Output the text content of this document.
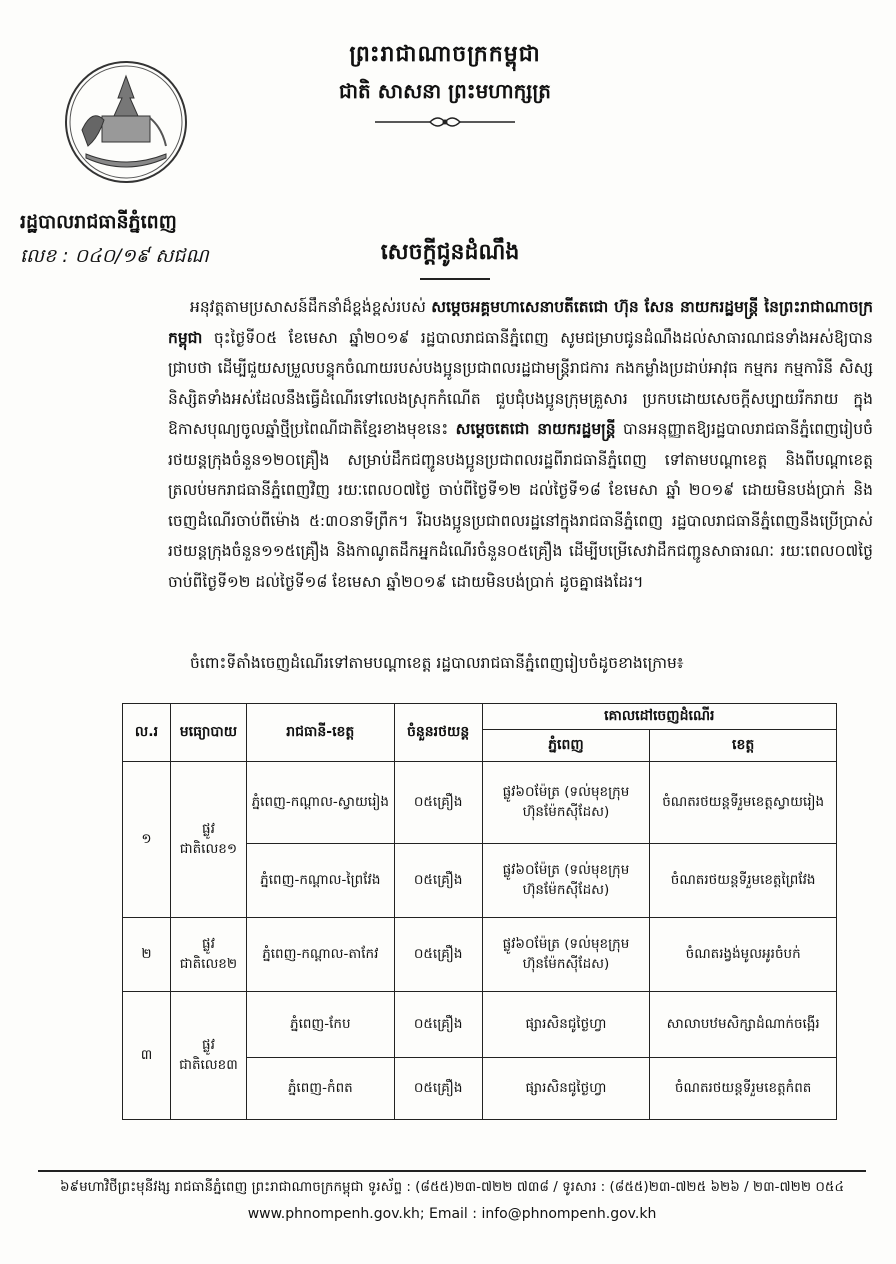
ព្រះរាជាណាចក្រកម្ពុជា
ជាតិ សាសនា ព្រះមហាក្សត្រ
រដ្ឋបាលរាជធានីភ្នំពេញ
លេខ : ០៤០/១៩ សជណ	សេចក្តីជូនដំណឹង

អនុវត្តតាមប្រសាសន៍ដឹកនាំដ៏ខ្ពង់ខ្ពស់របស់ សម្តេចអគ្គមហាសេនាបតីតេជោ ហ៊ុន សែន នាយករដ្ឋមន្ត្រី នៃព្រះរាជាណាចក្រកម្ពុជា ចុះថ្ងៃទី០៥ ខែមេសា ឆ្នាំ២០១៩ រដ្ឋបាលរាជធានីភ្នំពេញ សូមជម្រាបជូនដំណឹងដល់សាធារណជនទាំងអស់ឱ្យបានជ្រាបថា ដើម្បីជួយសម្រួលបន្ទុកចំណាយរបស់បងប្អូនប្រជាពលរដ្ឋជាមន្ត្រីរាជការ កងកម្លាំងប្រដាប់អាវុធ កម្មករ កម្មការិនី សិស្ស និស្សិតទាំងអស់ដែលនឹងធ្វើដំណើរទៅលេងស្រុកកំណើត ជួបជុំបងប្អូនក្រុមគ្រួសារ ប្រកបដោយសេចក្តីសប្បាយរីករាយ ក្នុងឱកាសបុណ្យចូលឆ្នាំថ្មីប្រពៃណីជាតិខ្មែរខាងមុខនេះ សម្តេចតេជោ នាយករដ្ឋមន្ត្រី បានអនុញ្ញាតឱ្យរដ្ឋបាលរាជធានីភ្នំពេញរៀបចំរថយន្តក្រុងចំនួន១២០គ្រឿង សម្រាប់ដឹកជញ្ជូនបងប្អូនប្រជាពលរដ្ឋពីរាជធានីភ្នំពេញ ទៅតាមបណ្តាខេត្ត និងពីបណ្តាខេត្តត្រលប់មករាជធានីភ្នំពេញវិញ រយៈពេល០៧ថ្ងៃ ចាប់ពីថ្ងៃទី១២ ដល់ថ្ងៃទី១៨ ខែមេសា ឆ្នាំ ២០១៩ ដោយមិនបង់ប្រាក់ និងចេញដំណើរចាប់ពីម៉ោង ៥:៣០នាទីព្រឹក។ រីឯបងប្អូនប្រជាពលរដ្ឋនៅក្នុងរាជធានីភ្នំពេញ រដ្ឋបាលរាជធានីភ្នំពេញនឹងប្រើប្រាស់រថយន្តក្រុងចំនួន១១៥គ្រឿង និងកាណូតដឹកអ្នកដំណើរចំនួន០៥គ្រឿង ដើម្បីបម្រើសេវាដឹកជញ្ជូនសាធារណៈ រយៈពេល០៧ថ្ងៃ ចាប់ពីថ្ងៃទី១២ ដល់ថ្ងៃទី១៨ ខែមេសា ឆ្នាំ២០១៩ ដោយមិនបង់ប្រាក់ ដូចគ្នាផងដែរ។

ចំពោះទីតាំងចេញដំណើរទៅតាមបណ្តាខេត្ត រដ្ឋបាលរាជធានីភ្នំពេញរៀបចំដូចខាងក្រោម៖
ល.រ	មធ្យោបាយ	រាជធានី-ខេត្ត	ចំនួនរថយន្ត	គោលដៅចេញដំណើរ	
				ភ្នំពេញ	ខេត្ត
១	ផ្លូវជាតិលេខ១	ភ្នំពេញ-កណ្តាល-ស្វាយរៀង	០៥គ្រឿង	ផ្លូវ៦០ម៉ែត្រ (ទល់មុខក្រុមហ៊ុនម៉ែកស៊ីដែស)	ចំណតរថយន្តទីរួមខេត្តស្វាយរៀង
		ភ្នំពេញ-កណ្តាល-ព្រៃវែង	០៥គ្រឿង	ផ្លូវ៦០ម៉ែត្រ (ទល់មុខក្រុមហ៊ុនម៉ែកស៊ីដែស)	ចំណតរថយន្តទីរួមខេត្តព្រៃវែង
២	ផ្លូវជាតិលេខ២	ភ្នំពេញ-កណ្តាល-តាកែវ	០៥គ្រឿង	ផ្លូវ៦០ម៉ែត្រ (ទល់មុខក្រុមហ៊ុនម៉ែកស៊ីដែស)	ចំណតរង្វង់មូលអូរចំបក់
៣	ផ្លូវជាតិលេខ៣	ភ្នំពេញ-កែប	០៥គ្រឿង	ផ្សារសិនជូថ្ងៃហ្វា	សាលាបឋមសិក្សាដំណាក់ចង្អើរ
		ភ្នំពេញ-កំពត	០៥គ្រឿង	ផ្សារសិនជូថ្ងៃហ្វា	ចំណតរថយន្តទីរួមខេត្តកំពត
៦៩មហាវិថីព្រះមុនីវង្ស រាជធានីភ្នំពេញ ព្រះរាជាណាចក្រកម្ពុជា ទូរស័ព្ទ : (៨៥៥)២៣-៧២២ ៧៣៨ / ទូរសារ : (៨៥៥)២៣-៧២៥ ៦២៦ / ២៣-៧២២ ០៥៤
www.phnompenh.gov.kh; Email : info@phnompenh.gov.kh
